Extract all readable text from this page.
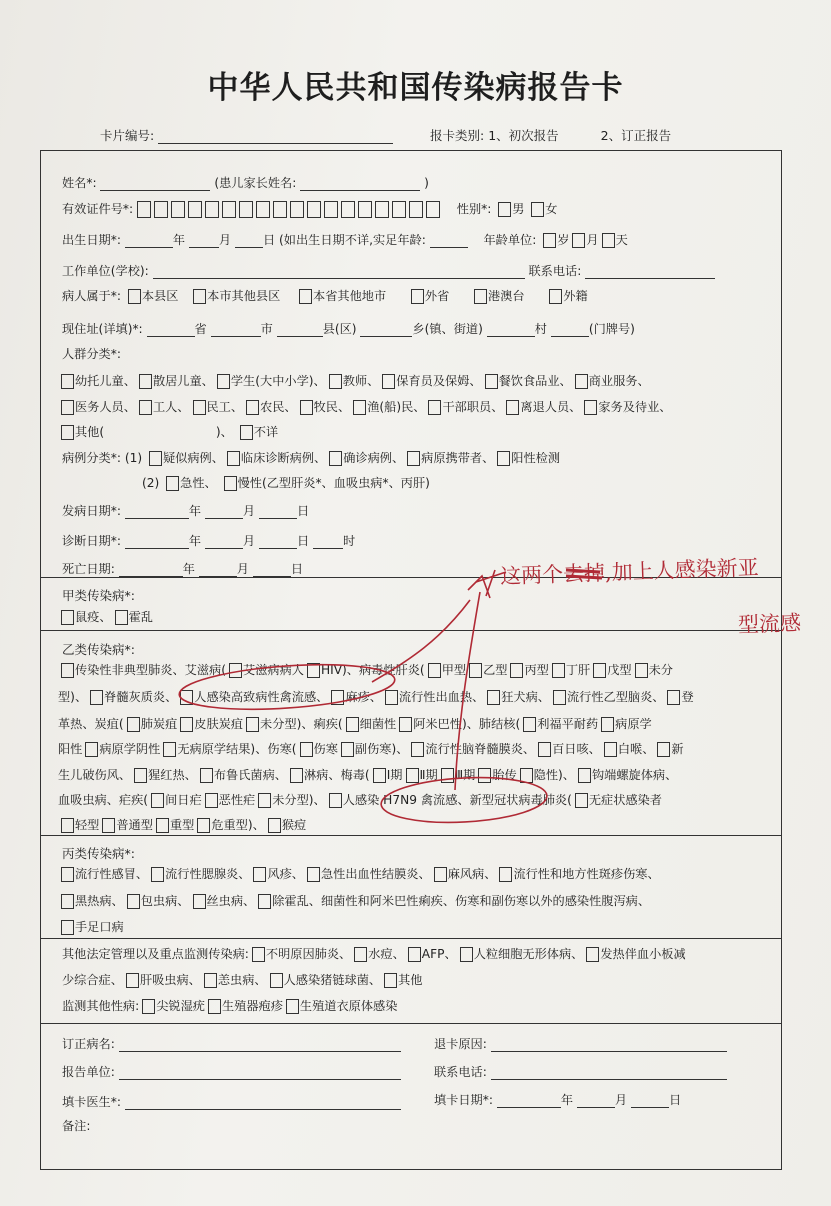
中华人民共和国传染病报告卡
卡片编号:	报卡类别: 1、初次报告	2、订正报告
姓名*:	(患儿家长姓名:	)
有效证件号*:	性别*: 男 女
出生日期*:	年	月	日 (如出生日期不详,实足年龄:	年龄单位: 岁 月 天
工作单位(学校):	联系电话:
病人属于*: 本县区 本市其他县区	本省其他地市	外省	港澳台	外籍
现住址(详填)*:	省	市	县(区)	乡(镇、街道)	村	(门牌号)
人群分类*:
幼托儿童、 散居儿童、 学生(大中小学)、 教师、 保育员及保姆、 餐饮食品业、 商业服务、
医务人员、 工人、 民工、 农民、 牧民、 渔(船)民、 干部职员、 离退人员、 家务及待业、
其他(	)、 不详
病例分类*: (1) 疑似病例、 临床诊断病例、 确诊病例、 病原携带者、 阳性检测
(2) 急性、 慢性(乙型肝炎*、血吸虫病*、丙肝)
发病日期*:	年	月	日
诊断日期*:	年	月	日	时
死亡日期:	年	月	日
甲类传染病*:
鼠疫、 霍乱
乙类传染病*:
传染性非典型肺炎、艾滋病( 艾滋病病人 HIV)、病毒性肝炎( 甲型 乙型 丙型 丁肝 戊型 未分
型)、 脊髓灰质炎、 人感染高致病性禽流感、 麻疹、 流行性出血热、 狂犬病、 流行性乙型脑炎、 登
革热、炭疽( 肺炭疽 皮肤炭疽 未分型)、痢疾( 细菌性 阿米巴性)、肺结核( 利福平耐药 病原学
阳性 病原学阴性 无病原学结果)、伤寒( 伤寒 副伤寒)、 流行性脑脊髓膜炎、 百日咳、 白喉、 新
生儿破伤风、 猩红热、 布鲁氏菌病、 淋病、梅毒( Ⅰ期 Ⅱ期 Ⅲ期 胎传 隐性)、 钩端螺旋体病、
血吸虫病、疟疾( 间日疟 恶性疟 未分型)、 人感染 H7N9 禽流感、新型冠状病毒肺炎( 无症状感染者
轻型 普通型 重型 危重型)、 猴痘
丙类传染病*:
流行性感冒、 流行性腮腺炎、 风疹、 急性出血性结膜炎、 麻风病、 流行性和地方性斑疹伤寒、
黑热病、 包虫病、 丝虫病、 除霍乱、细菌性和阿米巴性痢疾、伤寒和副伤寒以外的感染性腹泻病、
手足口病
其他法定管理以及重点监测传染病: 不明原因肺炎、 水痘、 AFP、 人粒细胞无形体病、 发热伴血小板减
少综合症、 肝吸虫病、 恙虫病、 人感染猪链球菌、 其他
监测其他性病: 尖锐湿疣 生殖器疱疹 生殖道衣原体感染
订正病名:	退卡原因:
报告单位:	联系电话:
填卡医生*:	填卡日期*:	年	月	日
备注:
这两个去掉,加上人感染新亚
型流感
